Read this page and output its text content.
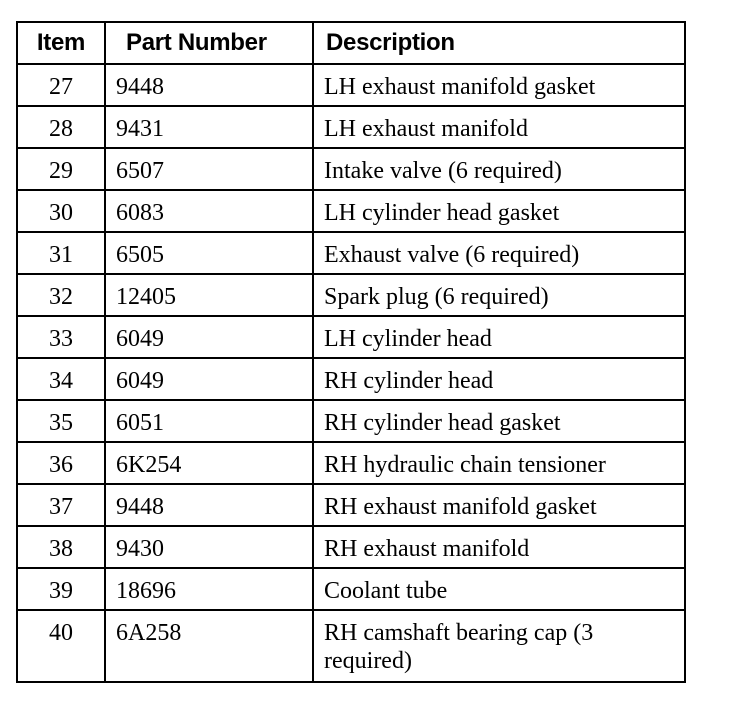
Item	Part Number	Description

27	9448	LH exhaust manifold gasket

28	9431	LH exhaust manifold

29	6507	Intake valve (6 required)

30	6083	LH cylinder head gasket

31	6505	Exhaust valve (6 required)

32	12405	Spark plug (6 required)

33	6049	LH cylinder head

34	6049	RH cylinder head

35	6051	RH cylinder head gasket

36	6K254	RH hydraulic chain tensioner

37	9448	RH exhaust manifold gasket

38	9430	RH exhaust manifold

39	18696	Coolant tube

40	6A258	RH camshaft bearing cap (3 required)
